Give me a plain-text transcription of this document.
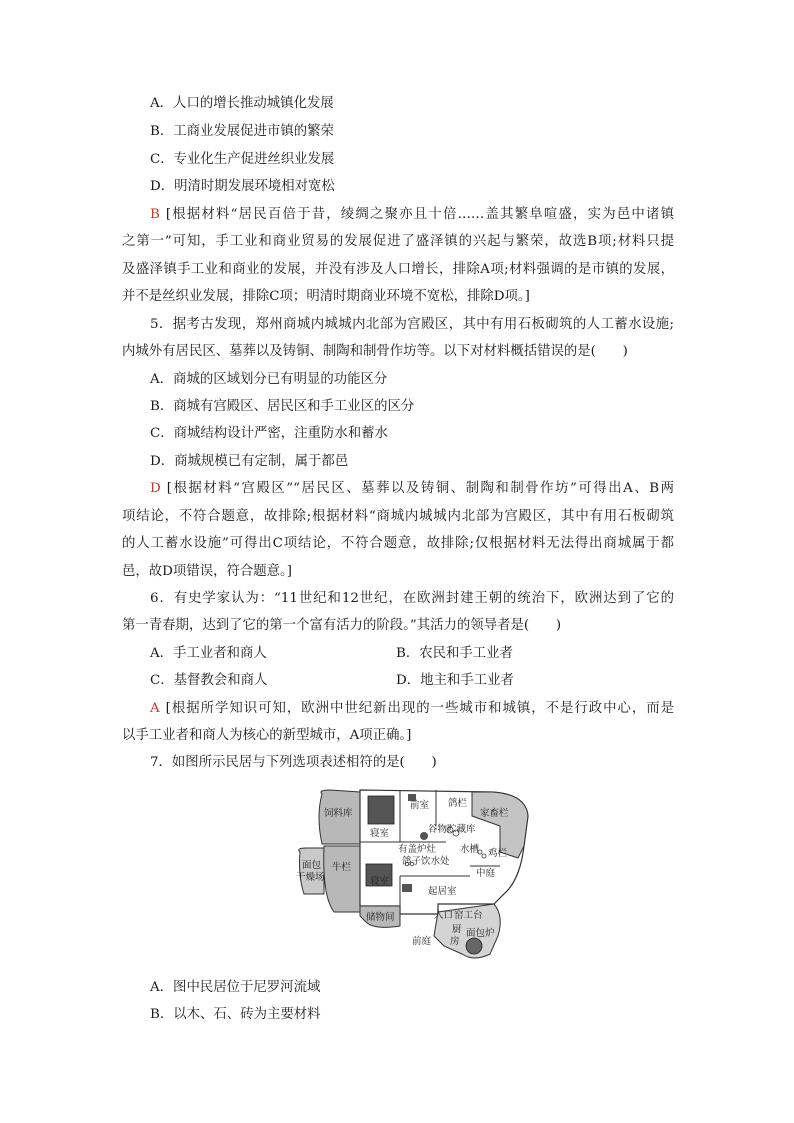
A．人口的增长推动城镇化发展
B．工商业发展促进市镇的繁荣
C．专业化生产促进丝织业发展
D．明清时期发展环境相对宽松
B [根据材料“居民百倍于昔，绫绸之聚亦且十倍……盖其繁阜喧盛，实为邑中诸镇
之第一”可知，手工业和商业贸易的发展促进了盛泽镇的兴起与繁荣，故选B项;材料只提
及盛泽镇手工业和商业的发展，并没有涉及人口增长，排除A项;材料强调的是市镇的发展，
并不是丝织业发展，排除C项；明清时期商业环境不宽松，排除D项。]
5．据考古发现，郑州商城内城城内北部为宫殿区，其中有用石板砌筑的人工蓄水设施;
内城外有居民区、墓葬以及铸铜、制陶和制骨作坊等。以下对材料概括错误的是(　　)
A．商城的区域划分已有明显的功能区分
B．商城有宫殿区、居民区和手工业区的区分
C．商城结构设计严密，注重防水和蓄水
D．商城规模已有定制，属于都邑
D [根据材料“宫殿区”“居民区、墓葬以及铸铜、制陶和制骨作坊”可得出A、B两
项结论，不符合题意，故排除;根据材料“商城内城城内北部为宫殿区，其中有用石板砌筑
的人工蓄水设施”可得出C项结论，不符合题意，故排除;仅根据材料无法得出商城属于都
邑，故D项错误，符合题意。]
6．有史学家认为：“11世纪和12世纪，在欧洲封建王朝的统治下，欧洲达到了它的
第一青春期，达到了它的第一个富有活力的阶段。”其活力的领导者是(　　)
A．手工业者和商人	B．农民和手工业者
C．基督教会和商人	D．地主和手工业者
A [根据所学知识可知，欧洲中世纪新出现的一些城市和城镇，不是行政中心，而是
以手工业者和商人为核心的新型城市，A项正确。]
7．如图所示民居与下列选项表述相符的是(　　)
前室 鸽栏
家畜栏
饲料库
寝室	谷物贮藏库
有盖炉灶
鸽子饮水处
水槽 鸡栏
面包
干燥场
牛栏
中庭
寝室
起居室
储物间	入口 窑工台
前庭
厨
房
面包炉
A．图中民居位于尼罗河流域
B．以木、石、砖为主要材料
